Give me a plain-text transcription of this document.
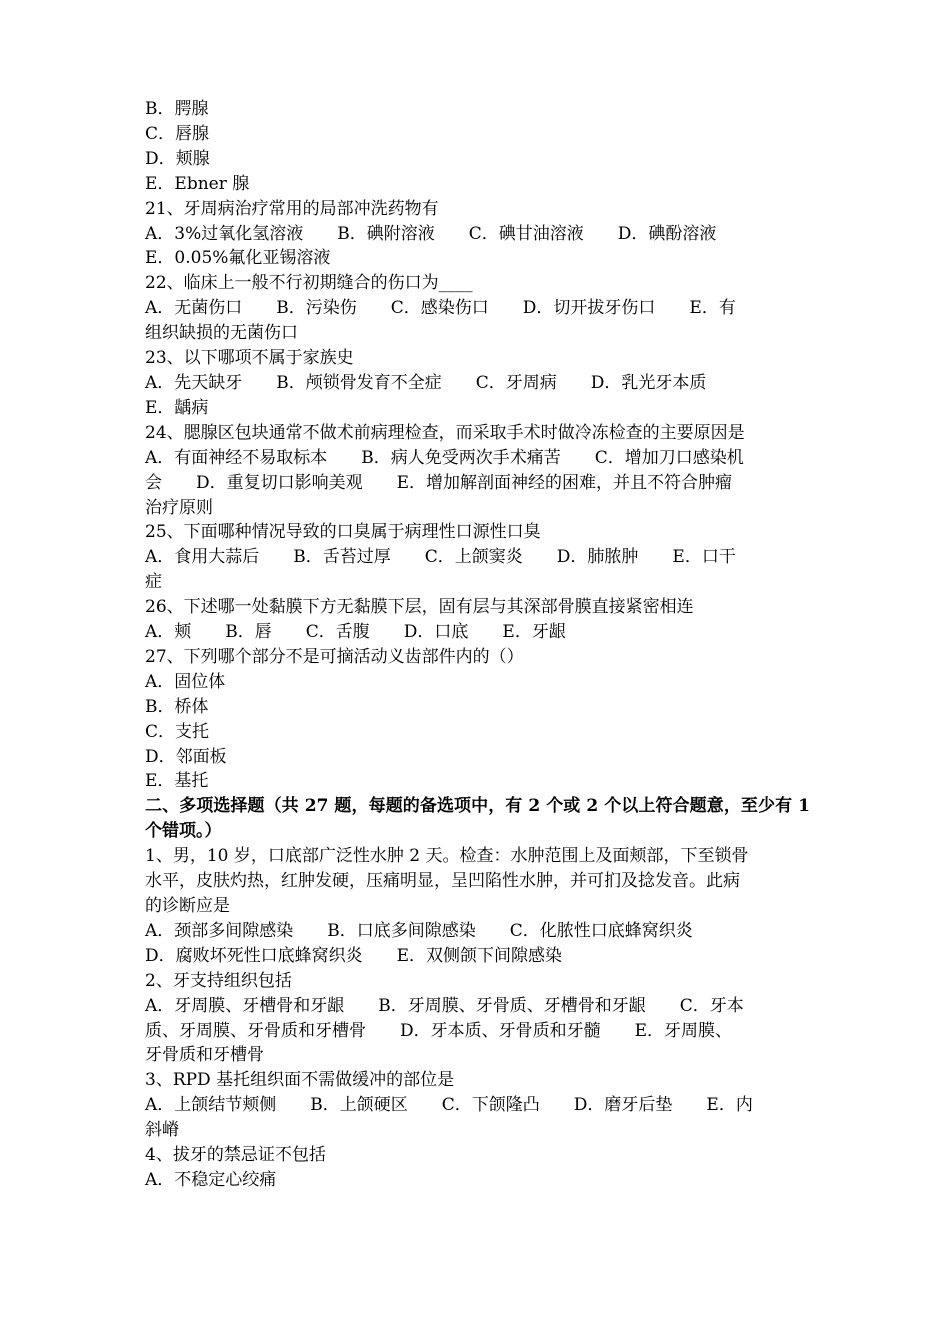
B．腭腺
C．唇腺
D．颊腺
E．Ebner 腺
21、牙周病治疗常用的局部冲洗药物有
A．3%过氧化氢溶液　　B．碘附溶液　　C．碘甘油溶液　　D．碘酚溶液
E．0.05%氟化亚锡溶液
22、临床上一般不行初期缝合的伤口为____
A．无菌伤口　　B．污染伤　　C．感染伤口　　D．切开拔牙伤口　　E．有
组织缺损的无菌伤口
23、以下哪项不属于家族史
A．先天缺牙　　B．颅锁骨发育不全症　　C．牙周病　　D．乳光牙本质
E．龋病
24、腮腺区包块通常不做术前病理检查，而采取手术时做冷冻检查的主要原因是
A．有面神经不易取标本　　B．病人免受两次手术痛苦　　C．增加刀口感染机
会　　D．重复切口影响美观　　E．增加解剖面神经的困难，并且不符合肿瘤
治疗原则
25、下面哪种情况导致的口臭属于病理性口源性口臭
A．食用大蒜后　　B．舌苔过厚　　C．上颌窦炎　　D．肺脓肿　　E．口干
症
26、下述哪一处黏膜下方无黏膜下层，固有层与其深部骨膜直接紧密相连
A．颊　　B．唇　　C．舌腹　　D．口底　　E．牙龈
27、下列哪个部分不是可摘活动义齿部件内的（）
A．固位体
B．桥体
C．支托
D．邻面板
E．基托
二、多项选择题（共 27 题，每题的备选项中，有 2 个或 2 个以上符合题意，至少有 1 个错项。）
1、男，10 岁，口底部广泛性水肿 2 天。检查：水肿范围上及面颊部，下至锁骨
水平，皮肤灼热，红肿发硬，压痛明显，呈凹陷性水肿，并可扪及捻发音。此病
的诊断应是
A．颈部多间隙感染　　B．口底多间隙感染　　C．化脓性口底蜂窝织炎
D．腐败坏死性口底蜂窝织炎　　E．双侧颌下间隙感染
2、牙支持组织包括
A．牙周膜、牙槽骨和牙龈　　B．牙周膜、牙骨质、牙槽骨和牙龈　　C．牙本
质、牙周膜、牙骨质和牙槽骨　　D．牙本质、牙骨质和牙髓　　E．牙周膜、
牙骨质和牙槽骨
3、RPD 基托组织面不需做缓冲的部位是
A．上颌结节颊侧　　B．上颌硬区　　C．下颌隆凸　　D．磨牙后垫　　E．内
斜嵴
4、拔牙的禁忌证不包括
A．不稳定心绞痛
